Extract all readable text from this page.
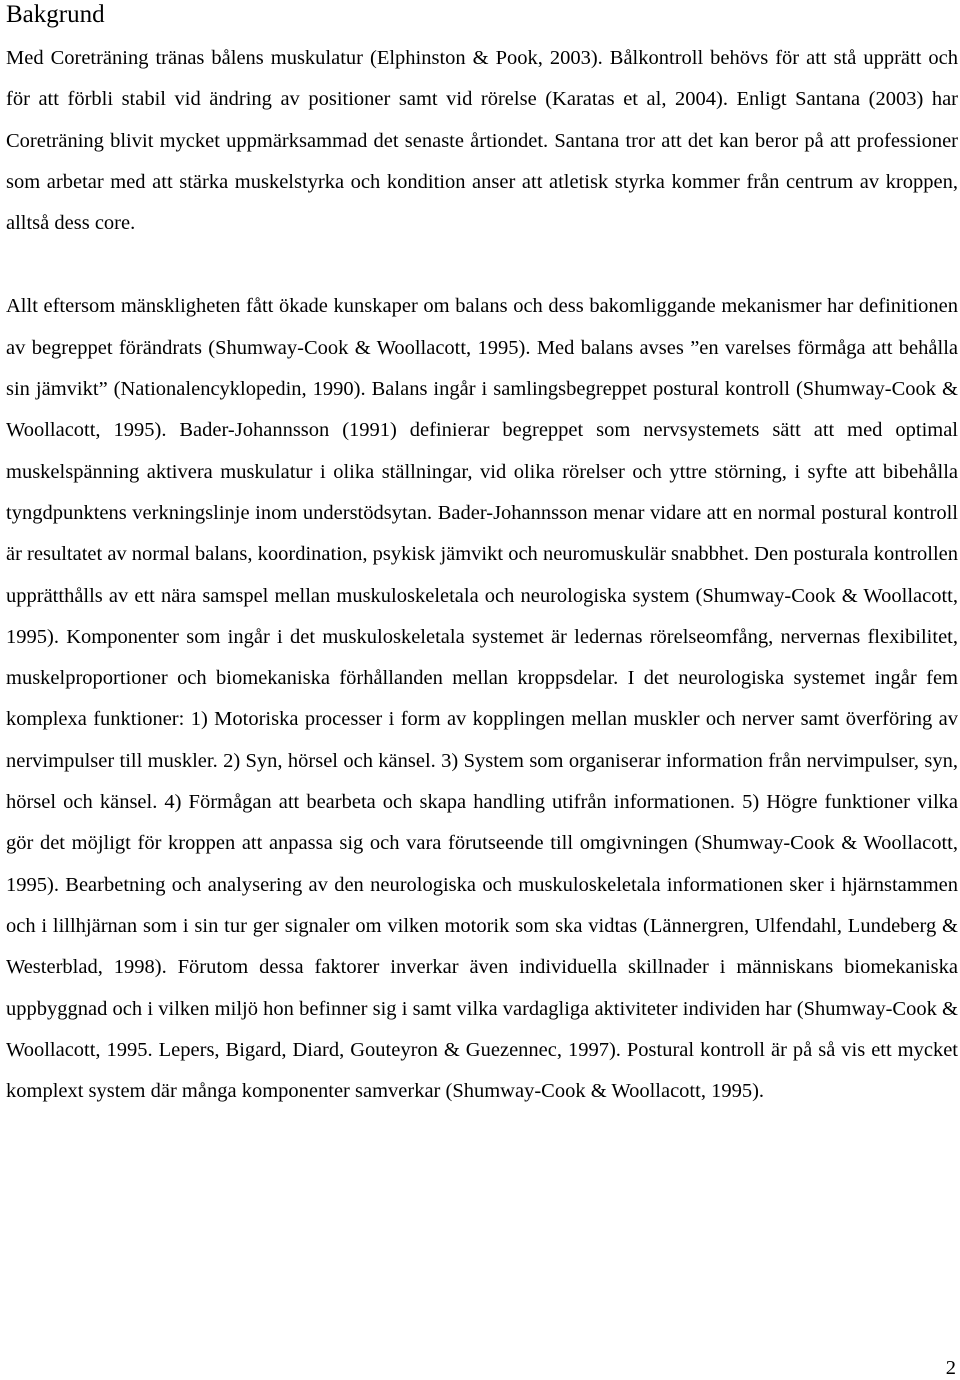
Bakgrund

Med Coreträning tränas bålens muskulatur (Elphinston & Pook, 2003). Bålkontroll behövs för att stå upprätt och för att förbli stabil vid ändring av positioner samt vid rörelse (Karatas et al, 2004). Enligt Santana (2003) har Coreträning blivit mycket uppmärksammad det senaste årtiondet. Santana tror att det kan beror på att professioner som arbetar med att stärka muskelstyrka och kondition anser att atletisk styrka kommer från centrum av kroppen, alltså dess core.

Allt eftersom mänskligheten fått ökade kunskaper om balans och dess bakomliggande mekanismer har definitionen av begreppet förändrats (Shumway-Cook & Woollacott, 1995). Med balans avses ”en varelses förmåga att behålla sin jämvikt” (Nationalencyklopedin, 1990). Balans ingår i samlingsbegreppet postural kontroll (Shumway-Cook & Woollacott, 1995). Bader-Johannsson (1991) definierar begreppet som nervsystemets sätt att med optimal muskelspänning aktivera muskulatur i olika ställningar, vid olika rörelser och yttre störning, i syfte att bibehålla tyngdpunktens verkningslinje inom understödsytan. Bader-Johannsson menar vidare att en normal postural kontroll är resultatet av normal balans, koordination, psykisk jämvikt och neuromuskulär snabbhet. Den posturala kontrollen upprätthålls av ett nära samspel mellan muskuloskeletala och neurologiska system (Shumway-Cook & Woollacott, 1995). Komponenter som ingår i det muskuloskeletala systemet är ledernas rörelseomfång, nervernas flexibilitet, muskelproportioner och biomekaniska förhållanden mellan kroppsdelar. I det neurologiska systemet ingår fem komplexa funktioner: 1) Motoriska processer i form av kopplingen mellan muskler och nerver samt överföring av nervimpulser till muskler. 2) Syn, hörsel och känsel. 3) System som organiserar information från nervimpulser, syn, hörsel och känsel. 4) Förmågan att bearbeta och skapa handling utifrån informationen. 5) Högre funktioner vilka gör det möjligt för kroppen att anpassa sig och vara förutseende till omgivningen (Shumway-Cook & Woollacott, 1995). Bearbetning och analysering av den neurologiska och muskuloskeletala informationen sker i hjärnstammen och i lillhjärnan som i sin tur ger signaler om vilken motorik som ska vidtas (Lännergren, Ulfendahl, Lundeberg & Westerblad, 1998). Förutom dessa faktorer inverkar även individuella skillnader i människans biomekaniska uppbyggnad och i vilken miljö hon befinner sig i samt vilka vardagliga aktiviteter individen har (Shumway-Cook & Woollacott, 1995. Lepers, Bigard, Diard, Gouteyron & Guezennec, 1997). Postural kontroll är på så vis ett mycket komplext system där många komponenter samverkar (Shumway-Cook & Woollacott, 1995).

2
